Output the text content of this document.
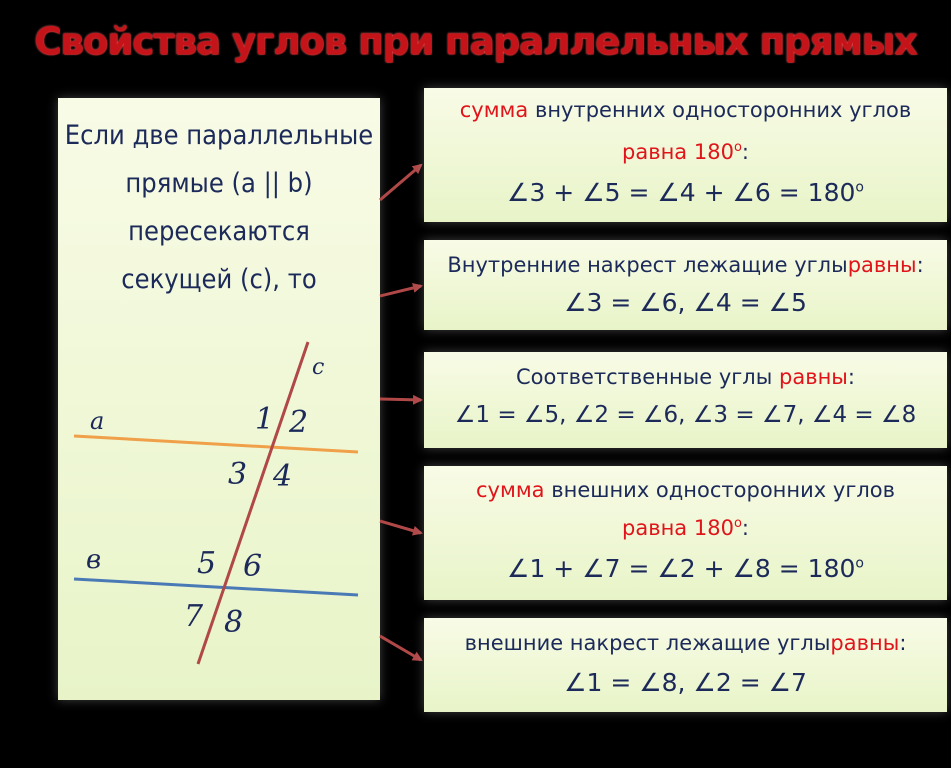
Свойства углов при параллельных прямых
Если две параллельные
прямые (a || b)
пересекаются
секущей (с), то
c
a
в
1 2
3 4
5 6
7 8
сумма внутренних односторонних углов
равна $180^о$:
∠3 + ∠5 = ∠4 + ∠6 = $180^о$
Внутренние накрест лежащие углыравны:
∠3 = ∠6, ∠4 = ∠5
Соответственные углы равны:
∠1 = ∠5, ∠2 = ∠6, ∠3 = ∠7, ∠4 = ∠8
сумма внешних односторонних углов
равна $180^о$:
∠1 + ∠7 = ∠2 + ∠8 = $180^о$
внешние накрест лежащие углыравны:
∠1 = ∠8, ∠2 = ∠7
